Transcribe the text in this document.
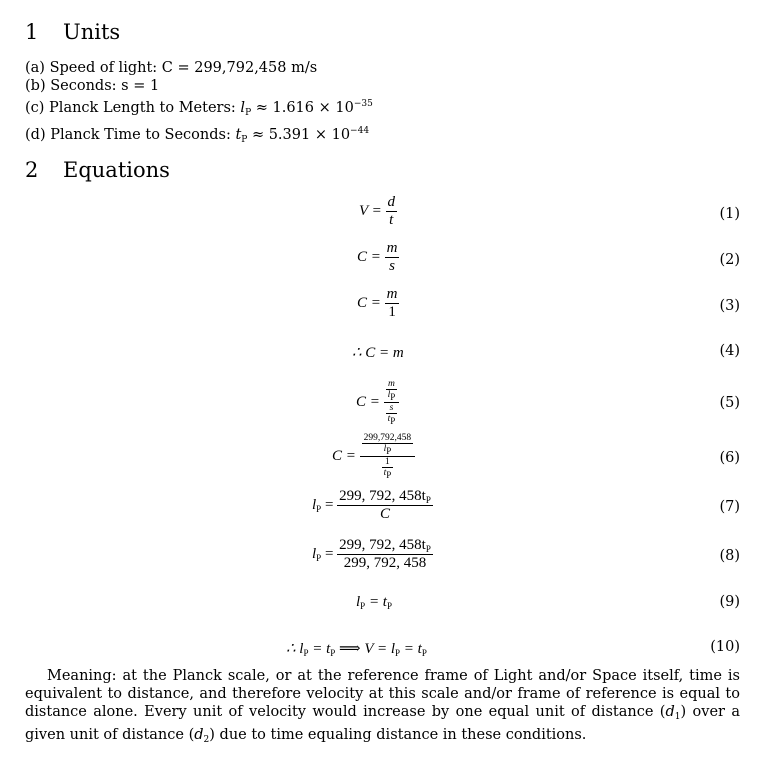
1 Units
(a) Speed of light: C = 299,792,458 m/s
(b) Seconds: s = 1
(c) Planck Length to Meters: $l_P \approx 1.616 \times 10^{-35}$
(d) Planck Time to Seconds: $t_P \approx 5.391 \times 10^{-44}$
2 Equations
$V = \frac{d}{t}$	(1)
$C = \frac{m}{s}$	(2)
$C = \frac{m}{1}$	(3)
∴ C = m	(4)
$C = \frac{\frac{m}{lP}}{\frac{s}{tP}}$	(5)
$C = \frac{\frac{299,792,458}{lP}}{\frac{1}{tP}}$	(6)
$l_P = \frac{299, 792, 458t_P}{C}$	(7)
$l_P = \frac{299, 792, 458t_P}{299, 792, 458}$	(8)
$l_P = t_P$	(9)
∴ $l_P = t_P$ ⟹ $V = l_P = t_P$	(10)
Meaning: at the Planck scale, or at the reference frame of Light and/or Space itself, time is equivalent to distance, and therefore velocity at this scale and/or frame of reference is equal to distance alone. Every unit of velocity would increase by one equal unit of distance $(d_1)$ over a given unit of distance $(d_2)$ due to time equaling distance in these conditions.
